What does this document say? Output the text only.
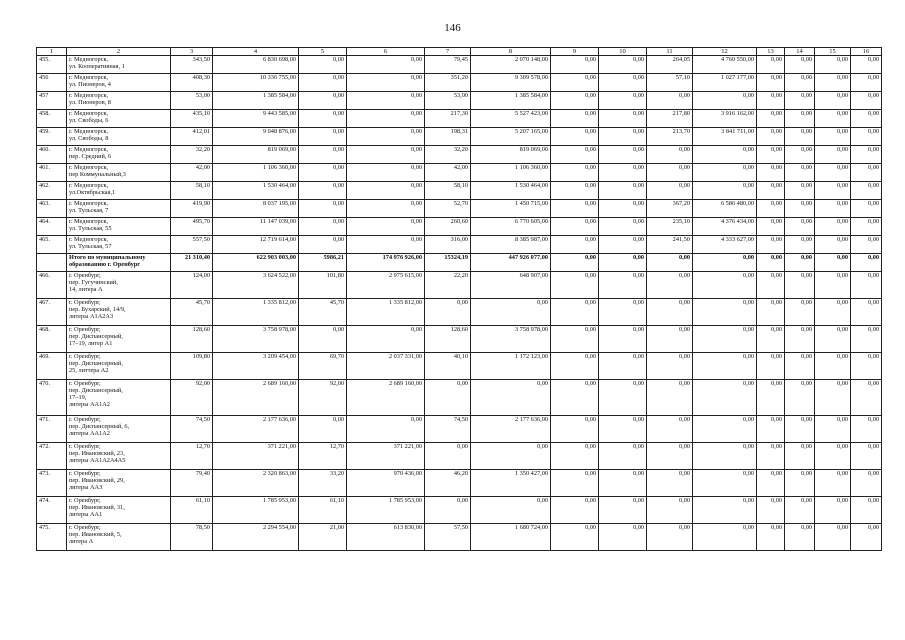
146
1	2	3	4	5	6	7	8	9	10	11	12	13	14	15	16
455.	г. Медногорск,
ул. Кооперативная, 1	343,50	6 830 698,00	0,00	0,00	79,45	2 070 148,00	0,00	0,00	264,05	4 760 550,00	0,00	0,00	0,00	0,00
456	г. Медногорск,
ул. Пионеров, 4	408,30	10 336 755,00	0,00	0,00	351,20	9 309 578,00	0,00	0,00	57,10	1 027 177,00	0,00	0,00	0,00	0,00
457	г. Медногорск,
ул. Пионеров, 8	53,00	1 385 584,00	0,00	0,00	53,00	1 385 584,00	0,00	0,00	0,00	0,00	0,00	0,00	0,00	0,00
458.	г. Медногорск,
ул. Свободы, 6	435,10	9 443 585,00	0,00	0,00	217,30	5 527 423,00	0,00	0,00	217,80	3 916 162,00	0,00	0,00	0,00	0,00
459.	г. Медногорск,
ул. Свободы, 8	412,01	9 048 876,00	0,00	0,00	198,31	5 207 165,00	0,00	0,00	213,70	3 841 711,00	0,00	0,00	0,00	0,00
460.	г. Медногорск,
пер. Средний, 6	32,20	819 069,00	0,00	0,00	32,20	819 069,00	0,00	0,00	0,00	0,00	0,00	0,00	0,00	0,00
461.	г. Медногорск,
пер Коммунальный,3	42,00	1 106 360,00	0,00	0,00	42,00	1 106 360,00	0,00	0,00	0,00	0,00	0,00	0,00	0,00	0,00
462.	г. Медногорск,
ул.Октябрьская,1	58,10	1 530 464,00	0,00	0,00	58,10	1 530 464,00	0,00	0,00	0,00	0,00	0,00	0,00	0,00	0,00
463.	г. Медногорск,
ул. Тульская, 7	419,90	8 037 195,00	0,00	0,00	52,70	1 450 715,00	0,00	0,00	367,20	6 586 480,00	0,00	0,00	0,00	0,00
464.	г. Медногорск,
ул. Тульская, 55	495,70	11 147 039,00	0,00	0,00	260,60	6 770 605,00	0,00	0,00	235,10	4 376 434,00	0,00	0,00	0,00	0,00
465.	г. Медногорск,
ул. Тульская, 57	557,50	12 719 614,00	0,00	0,00	316,00	8 385 987,00	0,00	0,00	241,50	4 333 627,00	0,00	0,00	0,00	0,00

	Итого по муниципальному
образованию г. Оренбург	21 310,40	622 903 003,00	5986,21	174 976 926,00	15324,19	447 926 077,00	0,00	0,00	0,00	0,00	0,00	0,00	0,00	0,00
466.	г. Оренбург,
пер. Гугучинский,
14, литера А	124,00	3 624 522,00	101,80	2 975 615,00	22,20	648 907,00	0,00	0,00	0,00	0,00	0,00	0,00	0,00	0,00
467.	г. Оренбург,
пер. Бухарский, 14/9,
литеры А1А2А3	45,70	1 335 812,00	45,70	1 335 812,00	0,00	0,00	0,00	0,00	0,00	0,00	0,00	0,00	0,00	0,00
468.	г. Оренбург,
пер. Диспансерный,
17–19, литер А1	128,60	3 758 978,00	0,00	0,00	128,60	3 758 978,00	0,00	0,00	0,00	0,00	0,00	0,00	0,00	0,00
469.	г. Оренбург,
пер. Диспансерный,
25, литтера А2	109,80	3 209 454,00	69,70	2 037 331,00	40,10	1 172 123,00	0,00	0,00	0,00	0,00	0,00	0,00	0,00	0,00
470.	г. Оренбург,
пер. Диспансерный,
17–19,
литеры АА1А2	92,00	2 689 160,00	92,00	2 689 160,00	0,00	0,00	0,00	0,00	0,00	0,00	0,00	0,00	0,00	0,00
471.	г. Оренбург,
пер. Диспансерный, 6,
литеры АА1А2	74,50	2 177 636,00	0,00	0,00	74,50	2 177 636,00	0,00	0,00	0,00	0,00	0,00	0,00	0,00	0,00
472.	г. Оренбург,
пер. Ивановский, 23,
литеры АА1А2А4А5	12,70	371 221,00	12,70	371 221,00	0,00	0,00	0,00	0,00	0,00	0,00	0,00	0,00	0,00	0,00
473.	г. Оренбург,
пер. Ивановский, 29,
литеры АА3	79,40	2 320 863,00	33,20	970 436,00	46,20	1 350 427,00	0,00	0,00	0,00	0,00	0,00	0,00	0,00	0,00
474.	г. Оренбург,
пер. Ивановский, 31,
литеры АА1	61,10	1 785 953,00	61,10	1 785 953,00	0,00	0,00	0,00	0,00	0,00	0,00	0,00	0,00	0,00	0,00
475.	г. Оренбург,
пер. Ивановский, 5,
литера А	78,50	2 294 554,00	21,00	613 830,00	57,50	1 680 724,00	0,00	0,00	0,00	0,00	0,00	0,00	0,00	0,00
